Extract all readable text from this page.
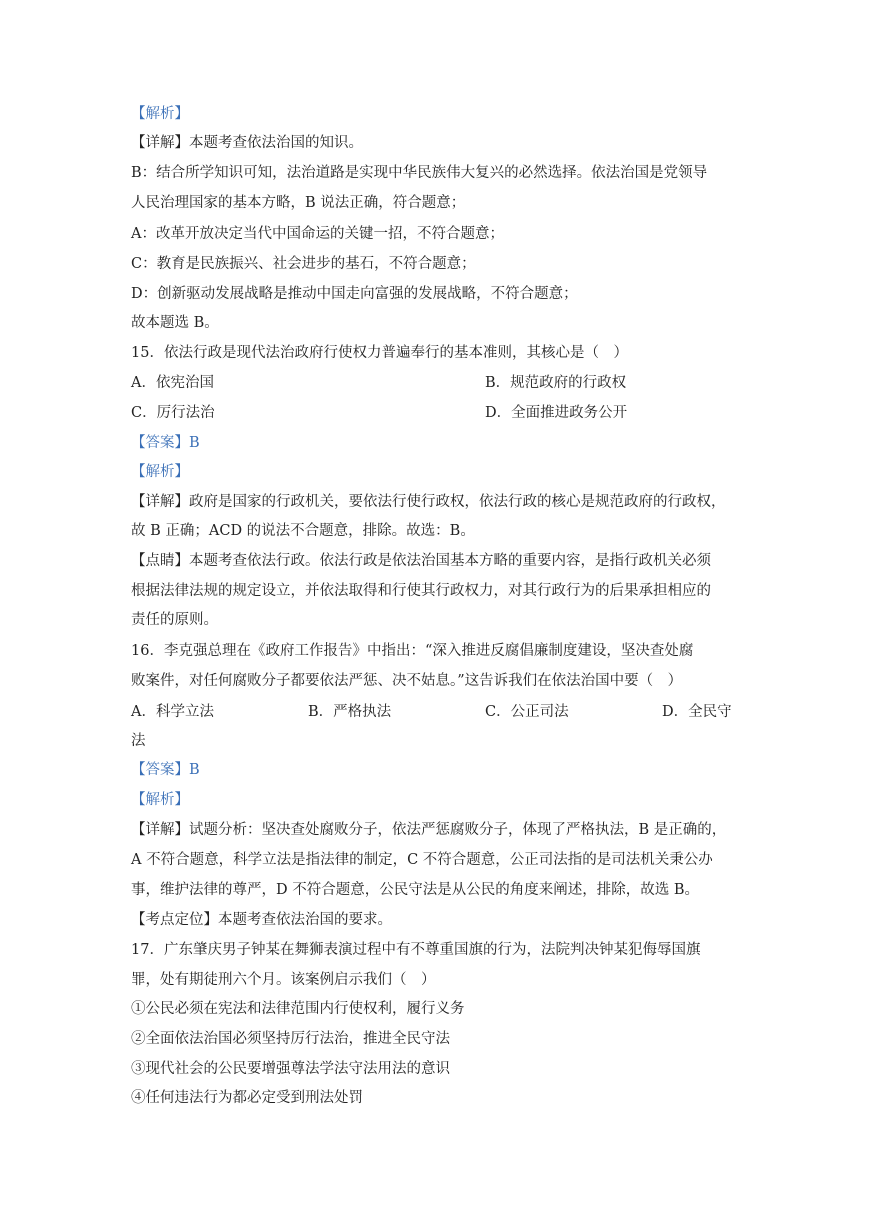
【解析】
【详解】本题考查依法治国的知识。
B：结合所学知识可知，法治道路是实现中华民族伟大复兴的必然选择。依法治国是党领导
人民治理国家的基本方略，B 说法正确，符合题意；
A：改革开放决定当代中国命运的关键一招，不符合题意；
C：教育是民族振兴、社会进步的基石，不符合题意；
D：创新驱动发展战略是推动中国走向富强的发展战略，不符合题意；
故本题选 B。
15．依法行政是现代法治政府行使权力普遍奉行的基本准则，其核心是（　）
A．依宪治国	B．规范政府的行政权
C．厉行法治	D．全面推进政务公开
【答案】B
【解析】
【详解】政府是国家的行政机关，要依法行使行政权，依法行政的核心是规范政府的行政权，
故 B 正确；ACD 的说法不合题意，排除。故选：B。
【点睛】本题考查依法行政。依法行政是依法治国基本方略的重要内容，是指行政机关必须
根据法律法规的规定设立，并依法取得和行使其行政权力，对其行政行为的后果承担相应的
责任的原则。
16．李克强总理在《政府工作报告》中指出：“深入推进反腐倡廉制度建设，坚决查处腐
败案件，对任何腐败分子都要依法严惩、决不姑息。”这告诉我们在依法治国中要（　）
A．科学立法	B．严格执法	C．公正司法	D．全民守
法
【答案】B
【解析】
【详解】试题分析：坚决查处腐败分子，依法严惩腐败分子，体现了严格执法，B 是正确的，
A 不符合题意，科学立法是指法律的制定，C 不符合题意，公正司法指的是司法机关秉公办
事，维护法律的尊严，D 不符合题意，公民守法是从公民的角度来阐述，排除，故选 B。
【考点定位】本题考查依法治国的要求。
17．广东肇庆男子钟某在舞狮表演过程中有不尊重国旗的行为，法院判决钟某犯侮辱国旗
罪，处有期徒刑六个月。该案例启示我们（　）
①公民必须在宪法和法律范围内行使权利，履行义务
②全面依法治国必须坚持厉行法治，推进全民守法
③现代社会的公民要增强尊法学法守法用法的意识
④任何违法行为都必定受到刑法处罚
